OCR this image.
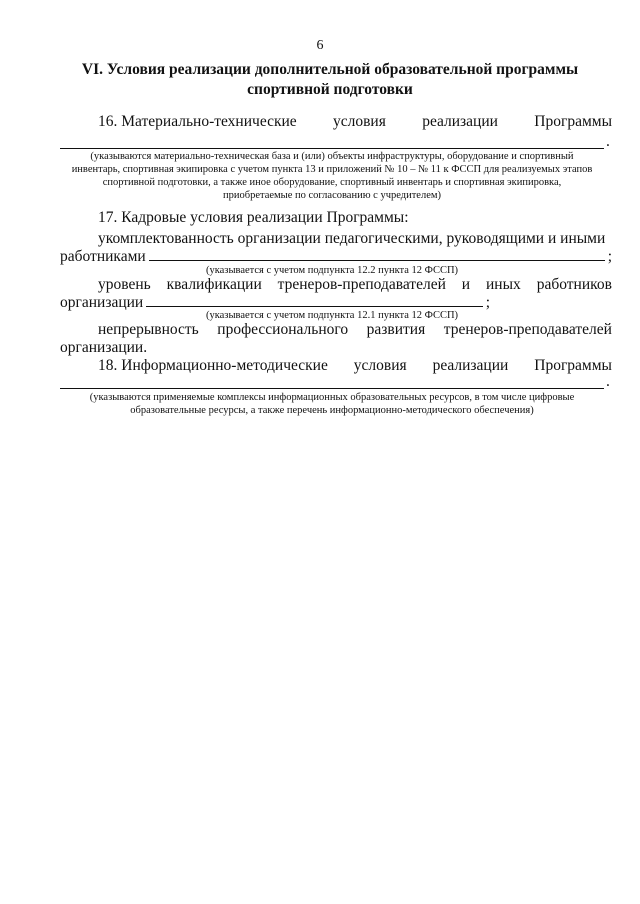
6
VI. Условия реализации дополнительной образовательной программы
спортивной подготовки
16. Материально-технические условия реализации Программы
.
(указываются материально-техническая база и (или) объекты инфраструктуры, оборудование и спортивный
инвентарь, спортивная экипировка с учетом пункта 13 и приложений № 10 – № 11 к ФССП для реализуемых этапов
спортивной подготовки, а также иное оборудование, спортивный инвентарь и спортивная экипировка,
приобретаемые по согласованию с учредителем)
17. Кадровые условия реализации Программы:
укомплектованность организации педагогическими, руководящими и иными
работниками	;
(указывается с учетом подпункта 12.2 пункта 12 ФССП)
уровень квалификации тренеров-преподавателей и иных работников
организации	;
(указывается с учетом подпункта 12.1 пункта 12 ФССП)
непрерывность профессионального развития тренеров-преподавателей
организации.
18. Информационно-методические условия реализации Программы
.
(указываются применяемые комплексы информационных образовательных ресурсов, в том числе цифровые
образовательные ресурсы, а также перечень информационно-методического обеспечения)
